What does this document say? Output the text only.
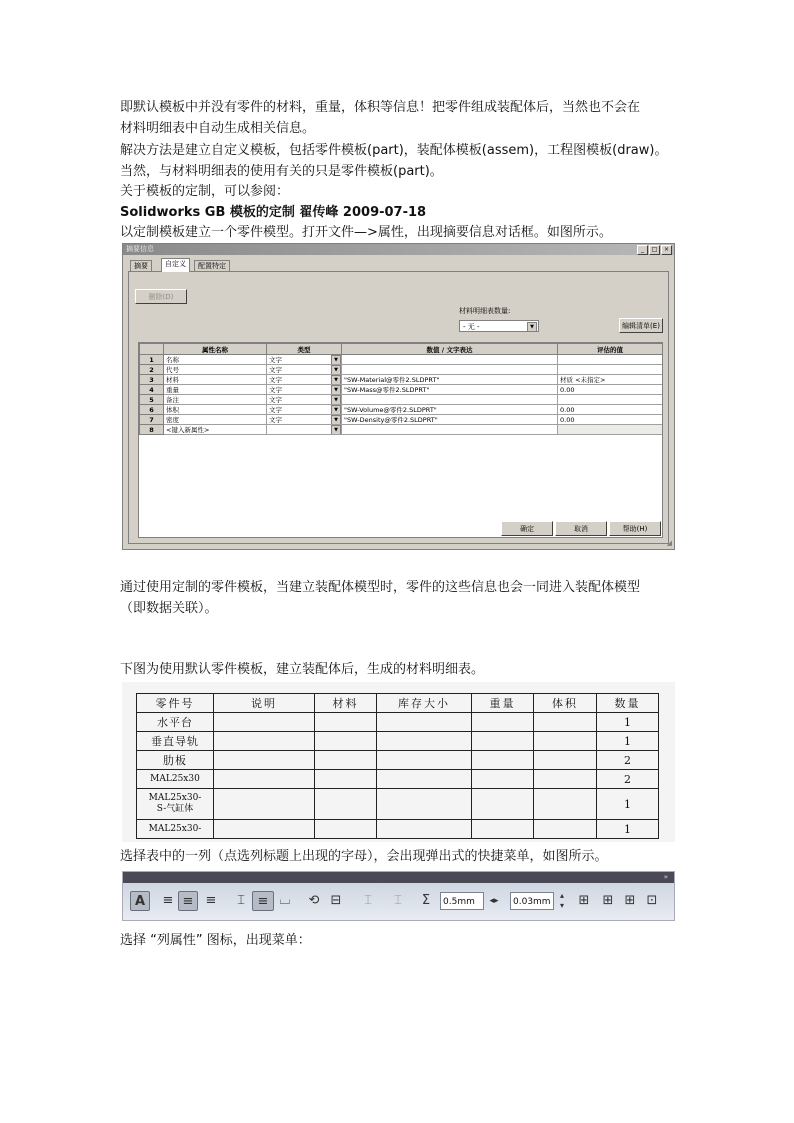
即默认模板中并没有零件的材料，重量，体积等信息！把零件组成装配体后，当然也不会在
材料明细表中自动生成相关信息。
解决方法是建立自定义模板，包括零件模板(part)，装配体模板(assem)，工程图模板(draw)。
当然，与材料明细表的使用有关的只是零件模板(part)。
关于模板的定制，可以参阅：
Solidworks GB 模板的定制 翟传峰 2009-07-18
以定制模板建立一个零件模型。打开文件—>属性，出现摘要信息对话框。如图所示。
摘要信息	_	□	×
摘要	自定义	配置特定
删除(D)
材料明细表数量:
- 无 -	▼	编辑清单(E)
	属性名称	类型	数值 / 文字表达	评估的值
1	名称	文字 ▼		

2	代号	文字 ▼		

3	材料	文字 ▼	"SW-Material@零件2.SLDPRT"	材质 <未指定>
4	重量	文字 ▼	"SW-Mass@零件2.SLDPRT"	0.00
5	备注	文字 ▼		

6	体积	文字 ▼	"SW-Volume@零件2.SLDPRT"	0.00
7	密度	文字 ▼	"SW-Density@零件2.SLDPRT"	0.00
8	<键入新属性>	▼		

确定	取消	帮助(H)
◢
通过使用定制的零件模板，当建立装配体模型时，零件的这些信息也会一同进入装配体模型
（即数据关联）。
下图为使用默认零件模板，建立装配体后，生成的材料明细表。
零件号	说明	材料	库存大小	重量	体积	数量
水平台						1
垂直导轨						1
肋板						2
MAL25x30						2

MAL25x30-
S-气缸体						1
MAL25x30-						1
选择表中的一列（点选列标题上出现的字母），会出现弹出式的快捷菜单，如图所示。
»
A	≡ ≡ ≡	⌶ ≡ ⌴ ⟲ ⊟	⌶	⌶	Σ	0.5mm	◂▸	0.03mm
▴
▾ ⊞ ⊞ ⊞ ⊡
选择 “列属性” 图标，出现菜单：
